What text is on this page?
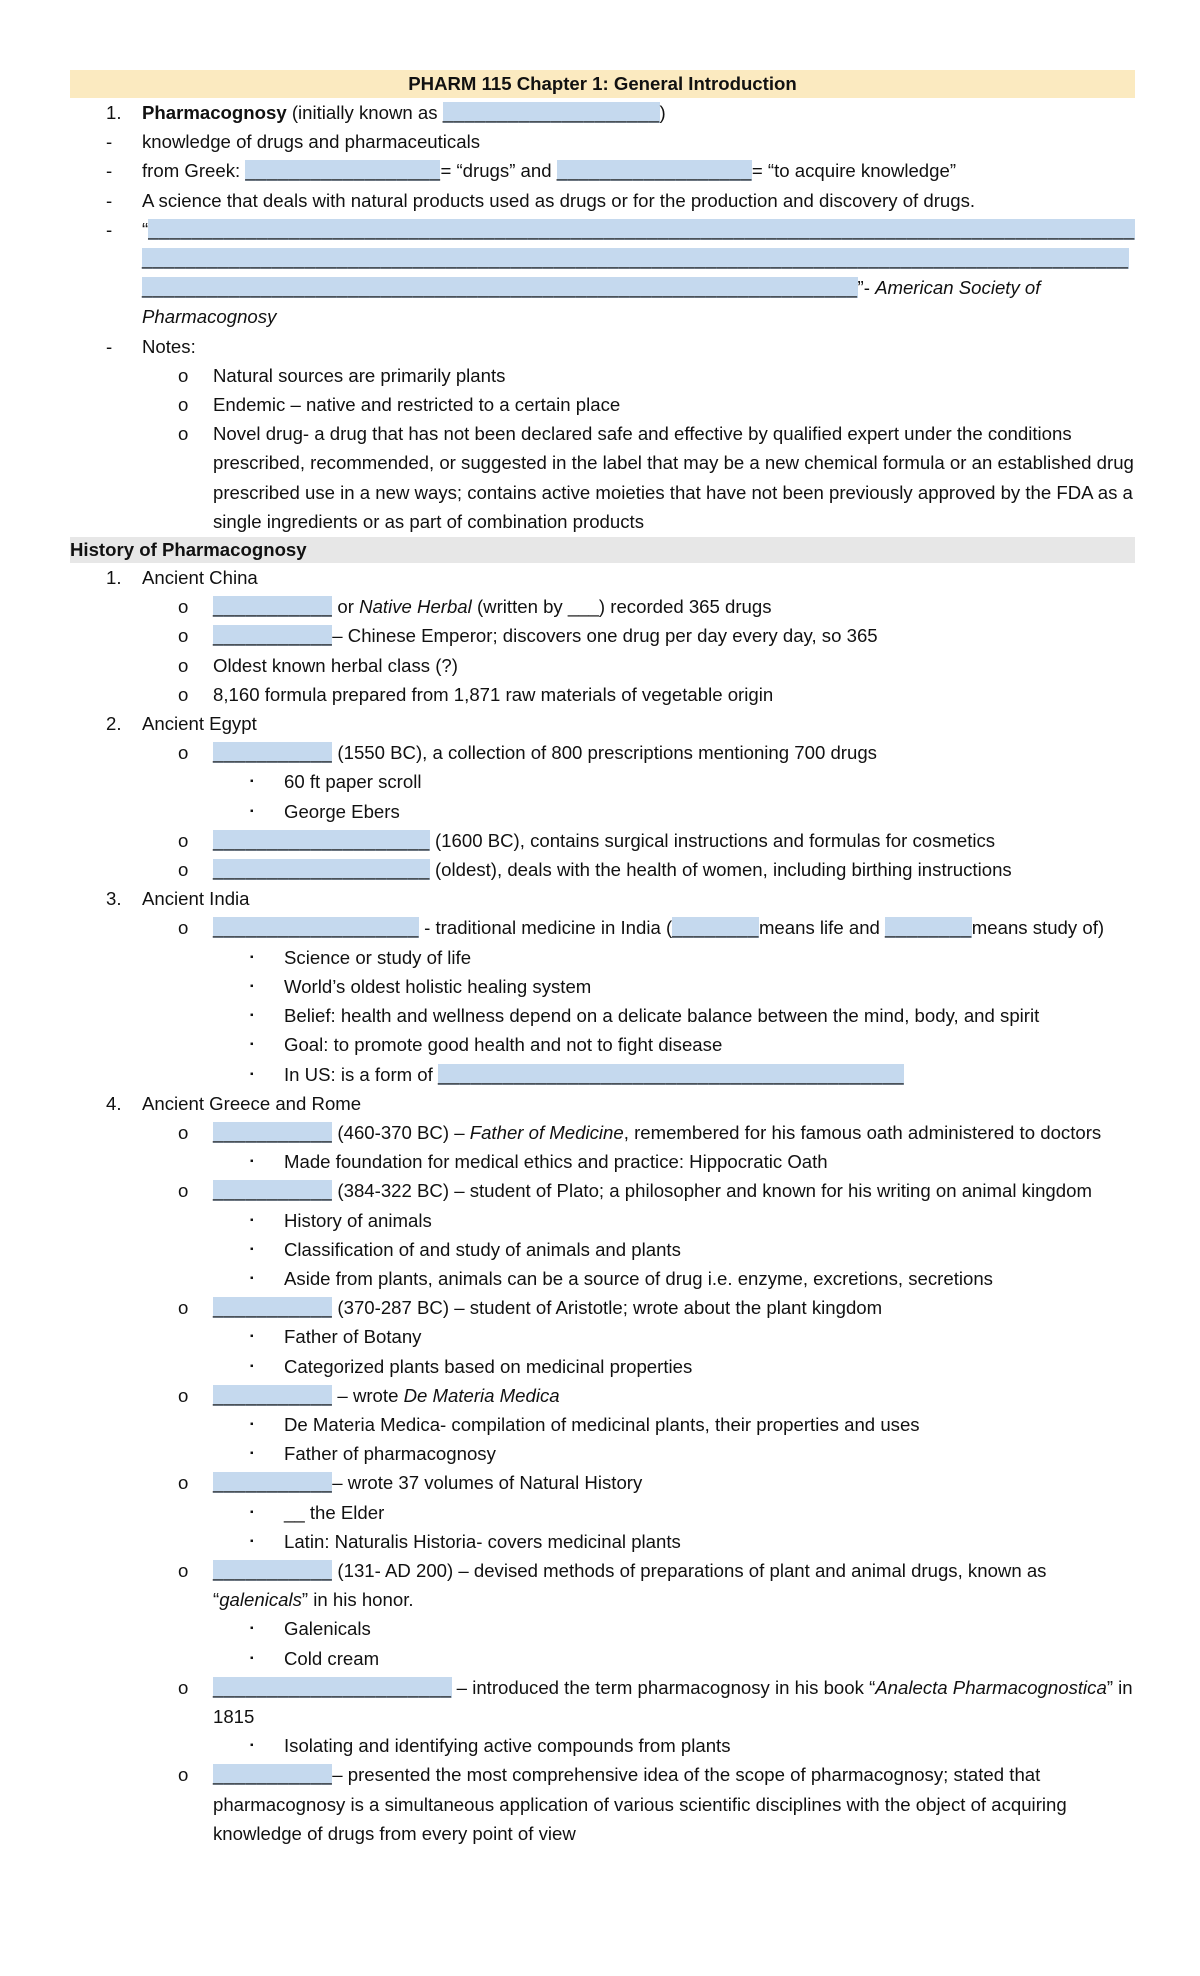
PHARM 115 Chapter 1: General Introduction
1. Pharmacognosy (initially known as ____________________)
- knowledge of drugs and pharmaceuticals
- from Greek: __________________= “drugs” and __________________= “to acquire knowledge”
- A science that deals with natural products used as drugs or for the production and discovery of drugs.
- “________________________________________________________________________________________________________________________________________________________________________________________________________________________________________________________”- American Society of Pharmacognosy
- Notes:
o Natural sources are primarily plants
o Endemic – native and restricted to a certain place
o Novel drug- a drug that has not been declared safe and effective by qualified expert under the conditions prescribed, recommended, or suggested in the label that may be a new chemical formula or an established drug prescribed use in a new ways; contains active moieties that have not been previously approved by the FDA as a single ingredients or as part of combination products
History of Pharmacognosy
1. Ancient China
o ___________ or Native Herbal (written by ___) recorded 365 drugs
o ___________– Chinese Emperor; discovers one drug per day every day, so 365
o Oldest known herbal class (?)
o 8,160 formula prepared from 1,871 raw materials of vegetable origin
2. Ancient Egypt
o ___________ (1550 BC), a collection of 800 prescriptions mentioning 700 drugs
▪ 60 ft paper scroll
▪ George Ebers
o ____________________ (1600 BC), contains surgical instructions and formulas for cosmetics
o ____________________ (oldest), deals with the health of women, including birthing instructions
3. Ancient India
o ___________________ - traditional medicine in India (________means life and ________means study of)
▪ Science or study of life
▪ World’s oldest holistic healing system
▪ Belief: health and wellness depend on a delicate balance between the mind, body, and spirit
▪ Goal: to promote good health and not to fight disease
▪ In US: is a form of ___________________________________________
4. Ancient Greece and Rome
o ___________ (460-370 BC) – Father of Medicine, remembered for his famous oath administered to doctors
▪ Made foundation for medical ethics and practice: Hippocratic Oath
o ___________ (384-322 BC) – student of Plato; a philosopher and known for his writing on animal kingdom
▪ History of animals
▪ Classification of and study of animals and plants
▪ Aside from plants, animals can be a source of drug i.e. enzyme, excretions, secretions
o ___________ (370-287 BC) – student of Aristotle; wrote about the plant kingdom
▪ Father of Botany
▪ Categorized plants based on medicinal properties
o ___________ – wrote De Materia Medica
▪ De Materia Medica- compilation of medicinal plants, their properties and uses
▪ Father of pharmacognosy
o ___________– wrote 37 volumes of Natural History
▪ __ the Elder
▪ Latin: Naturalis Historia- covers medicinal plants
o ___________ (131- AD 200) – devised methods of preparations of plant and animal drugs, known as “galenicals” in his honor.
▪ Galenicals
▪ Cold cream
o ______________________ – introduced the term pharmacognosy in his book “Analecta Pharmacognostica” in 1815
▪ Isolating and identifying active compounds from plants
o ___________– presented the most comprehensive idea of the scope of pharmacognosy; stated that pharmacognosy is a simultaneous application of various scientific disciplines with the object of acquiring knowledge of drugs from every point of view
